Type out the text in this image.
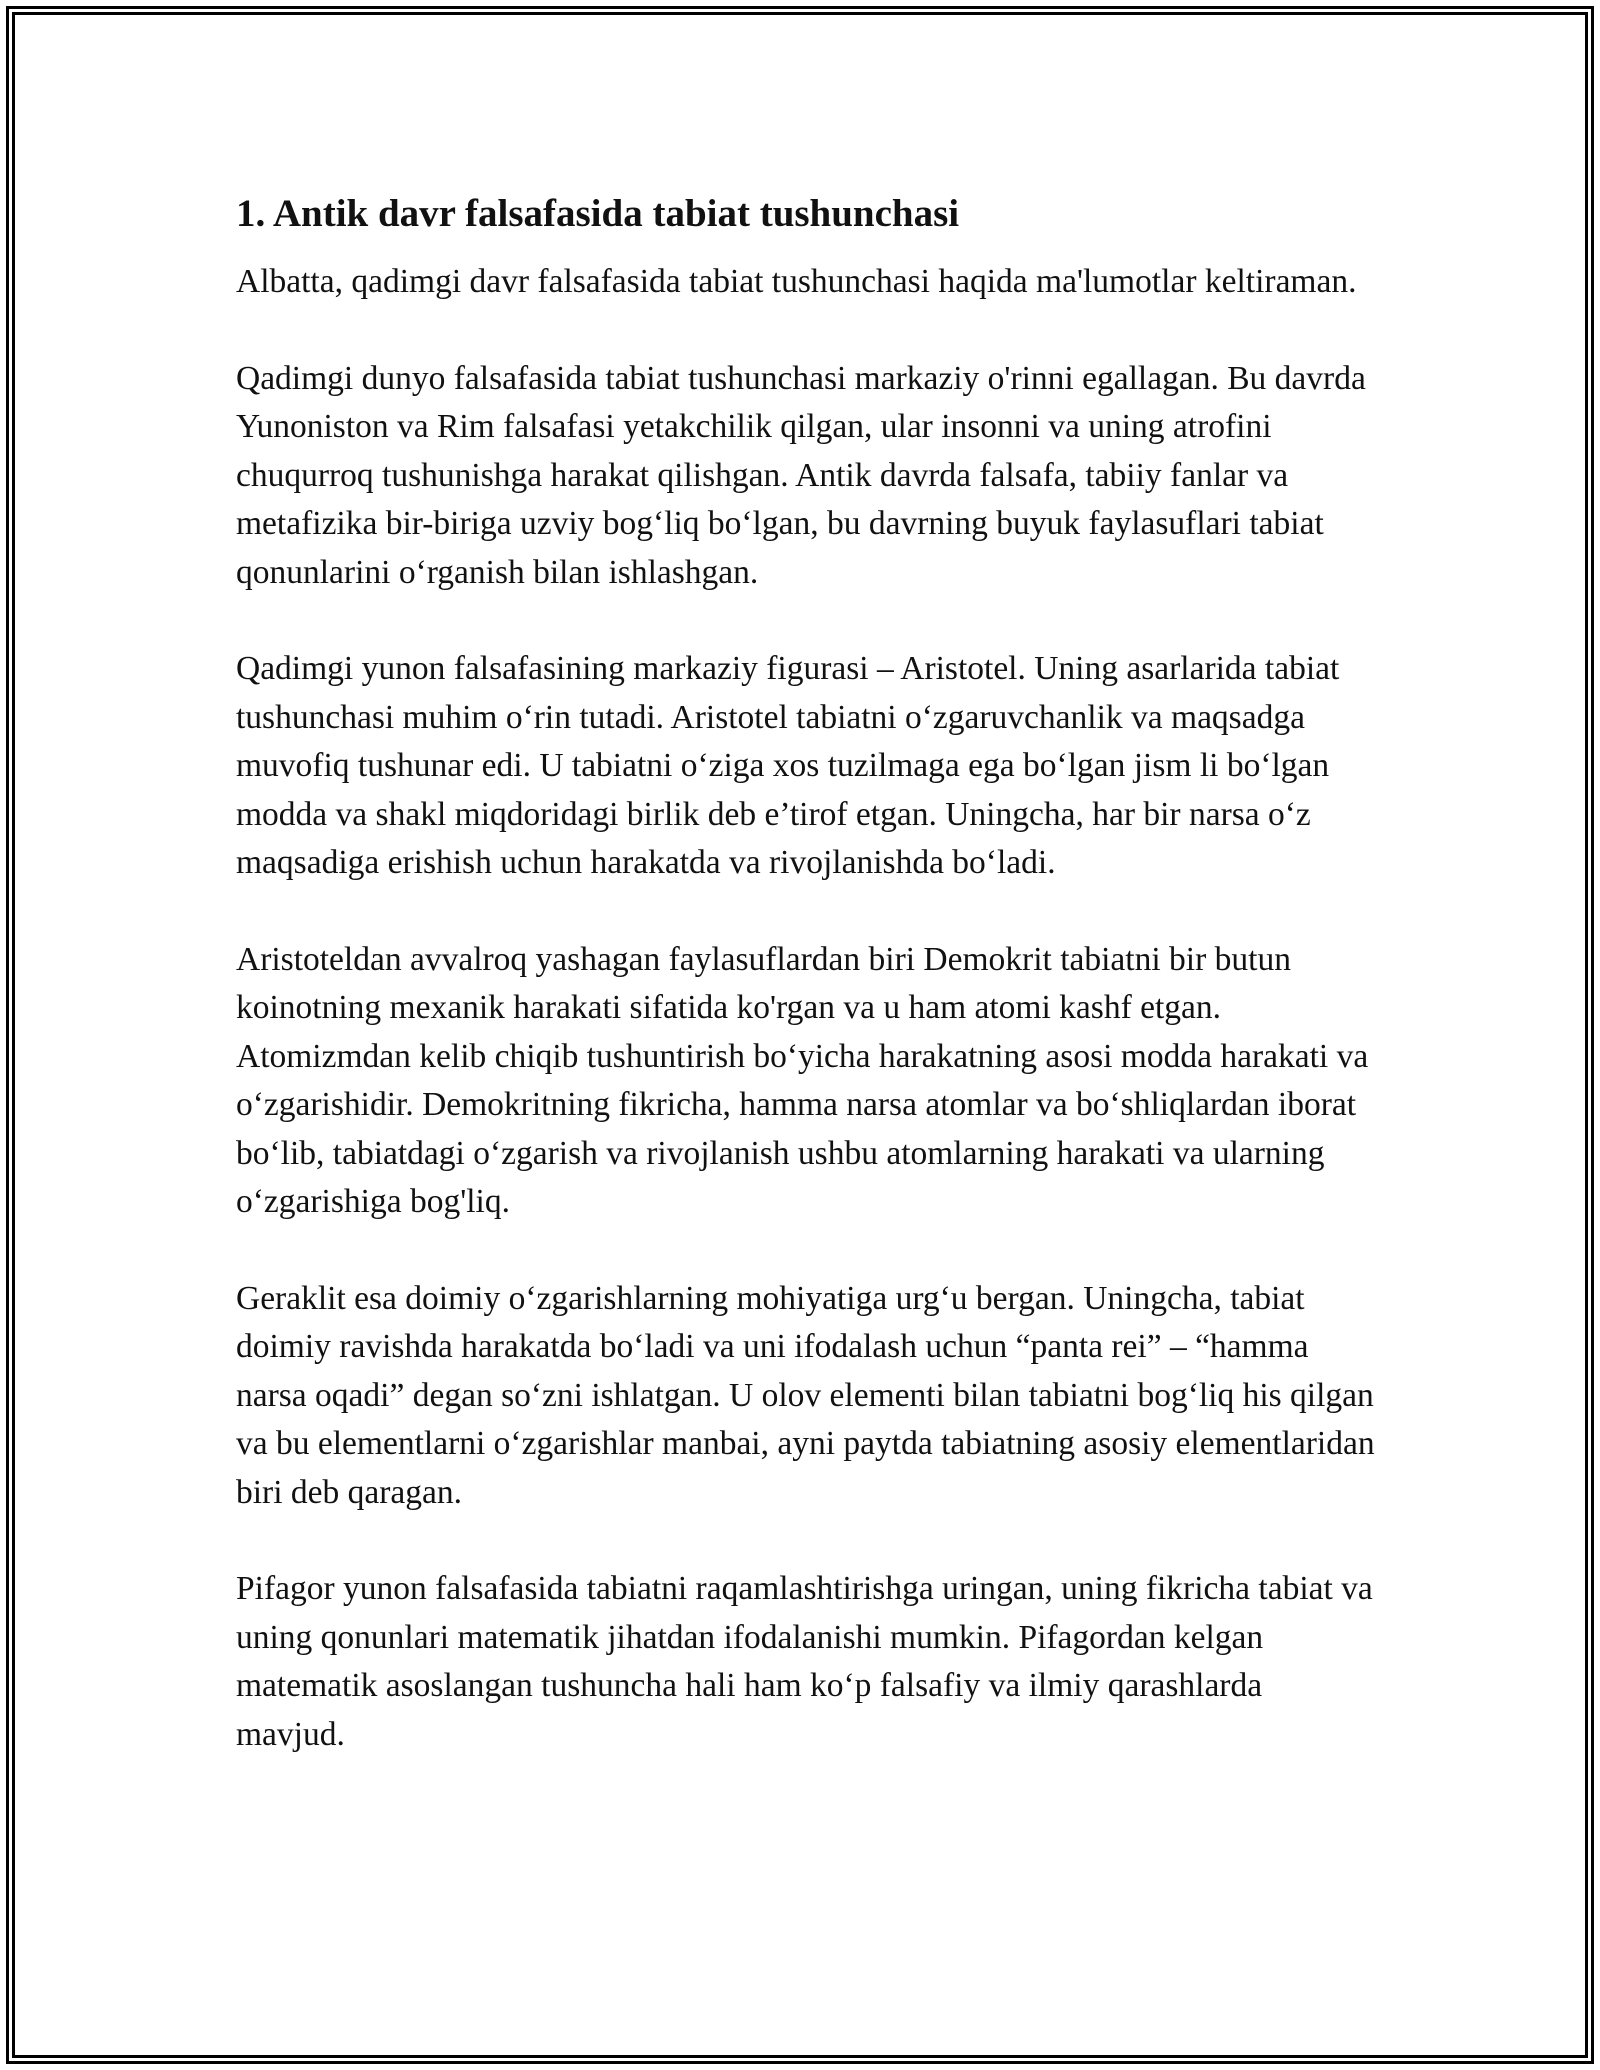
1. Antik davr falsafasida tabiat tushunchasi

Albatta, qadimgi davr falsafasida tabiat tushunchasi haqida ma'lumotlar keltiraman.

Qadimgi dunyo falsafasida tabiat tushunchasi markaziy o'rinni egallagan. Bu davrda Yunoniston va Rim falsafasi yetakchilik qilgan, ular insonni va uning atrofini chuqurroq tushunishga harakat qilishgan. Antik davrda falsafa, tabiiy fanlar va metafizika bir-biriga uzviy bog‘liq bo‘lgan, bu davrning buyuk faylasuflari tabiat qonunlarini o‘rganish bilan ishlashgan.

Qadimgi yunon falsafasining markaziy figurasi – Aristotel. Uning asarlarida tabiat tushunchasi muhim o‘rin tutadi. Aristotel tabiatni o‘zgaruvchanlik va maqsadga muvofiq tushunar edi. U tabiatni o‘ziga xos tuzilmaga ega bo‘lgan jism li bo‘lgan modda va shakl miqdoridagi birlik deb e’tirof etgan. Uningcha, har bir narsa o‘z maqsadiga erishish uchun harakatda va rivojlanishda bo‘ladi.

Aristoteldan avvalroq yashagan faylasuflardan biri Demokrit tabiatni bir butun koinotning mexanik harakati sifatida ko'rgan va u ham atomi kashf etgan. Atomizmdan kelib chiqib tushuntirish bo‘yicha harakatning asosi modda harakati va o‘zgarishidir. Demokritning fikricha, hamma narsa atomlar va bo‘shliqlardan iborat bo‘lib, tabiatdagi o‘zgarish va rivojlanish ushbu atomlarning harakati va ularning o‘zgarishiga bog'liq.

Geraklit esa doimiy o‘zgarishlarning mohiyatiga urg‘u bergan. Uningcha, tabiat doimiy ravishda harakatda bo‘ladi va uni ifodalash uchun “panta rei” – “hamma narsa oqadi” degan so‘zni ishlatgan. U olov elementi bilan tabiatni bog‘liq his qilgan va bu elementlarni o‘zgarishlar manbai, ayni paytda tabiatning asosiy elementlaridan biri deb qaragan.

Pifagor yunon falsafasida tabiatni raqamlashtirishga uringan, uning fikricha tabiat va uning qonunlari matematik jihatdan ifodalanishi mumkin. Pifagordan kelgan matematik asoslangan tushuncha hali ham ko‘p falsafiy va ilmiy qarashlarda mavjud.
